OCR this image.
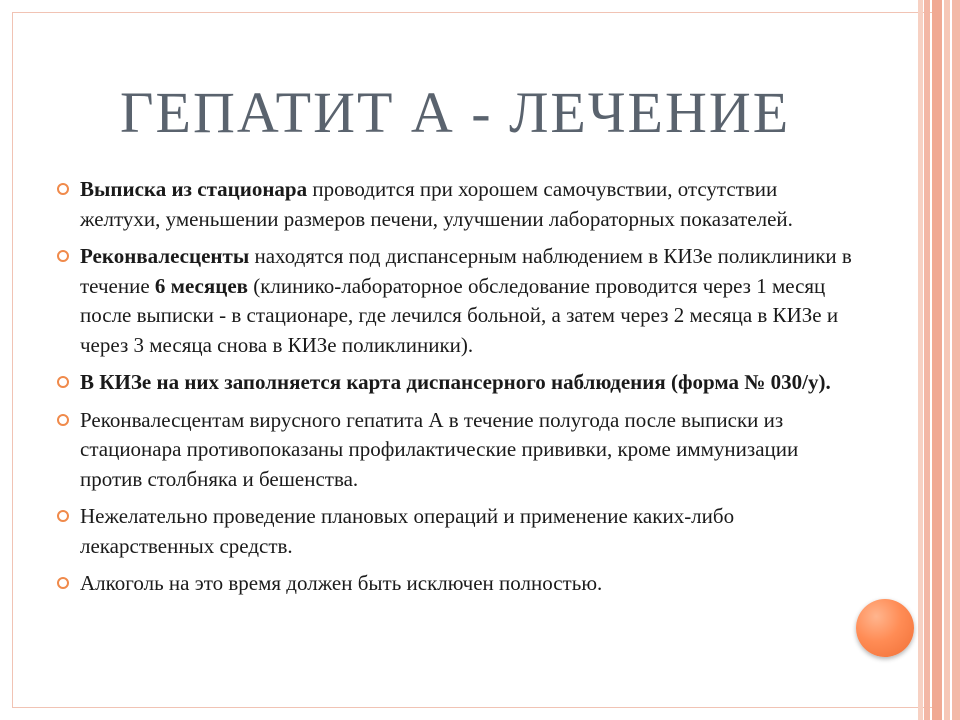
ГЕПАТИТ А - ЛЕЧЕНИЕ
Выписка из стационара проводится при хорошем самочувствии, отсутствии желтухи, уменьшении размеров печени, улучшении лабораторных показателей.
Реконвалесценты находятся под диспансерным наблюдением в КИЗе поликлиники в течение 6 месяцев (клинико-лабораторное обследование проводится через 1 месяц после выписки - в стационаре, где лечился больной, а затем через 2 месяца в КИЗе и через 3 месяца снова в КИЗе поликлиники).
В КИЗе на них заполняется карта диспансерного наблюдения (форма № 030/у).
Реконвалесцентам вирусного гепатита А в течение полугода после выписки из стационара противопоказаны профилактические прививки, кроме иммунизации против столбняка и бешенства.
Нежелательно проведение плановых операций и применение каких-либо лекарственных средств.
Алкоголь на это время должен быть исключен полностью.
